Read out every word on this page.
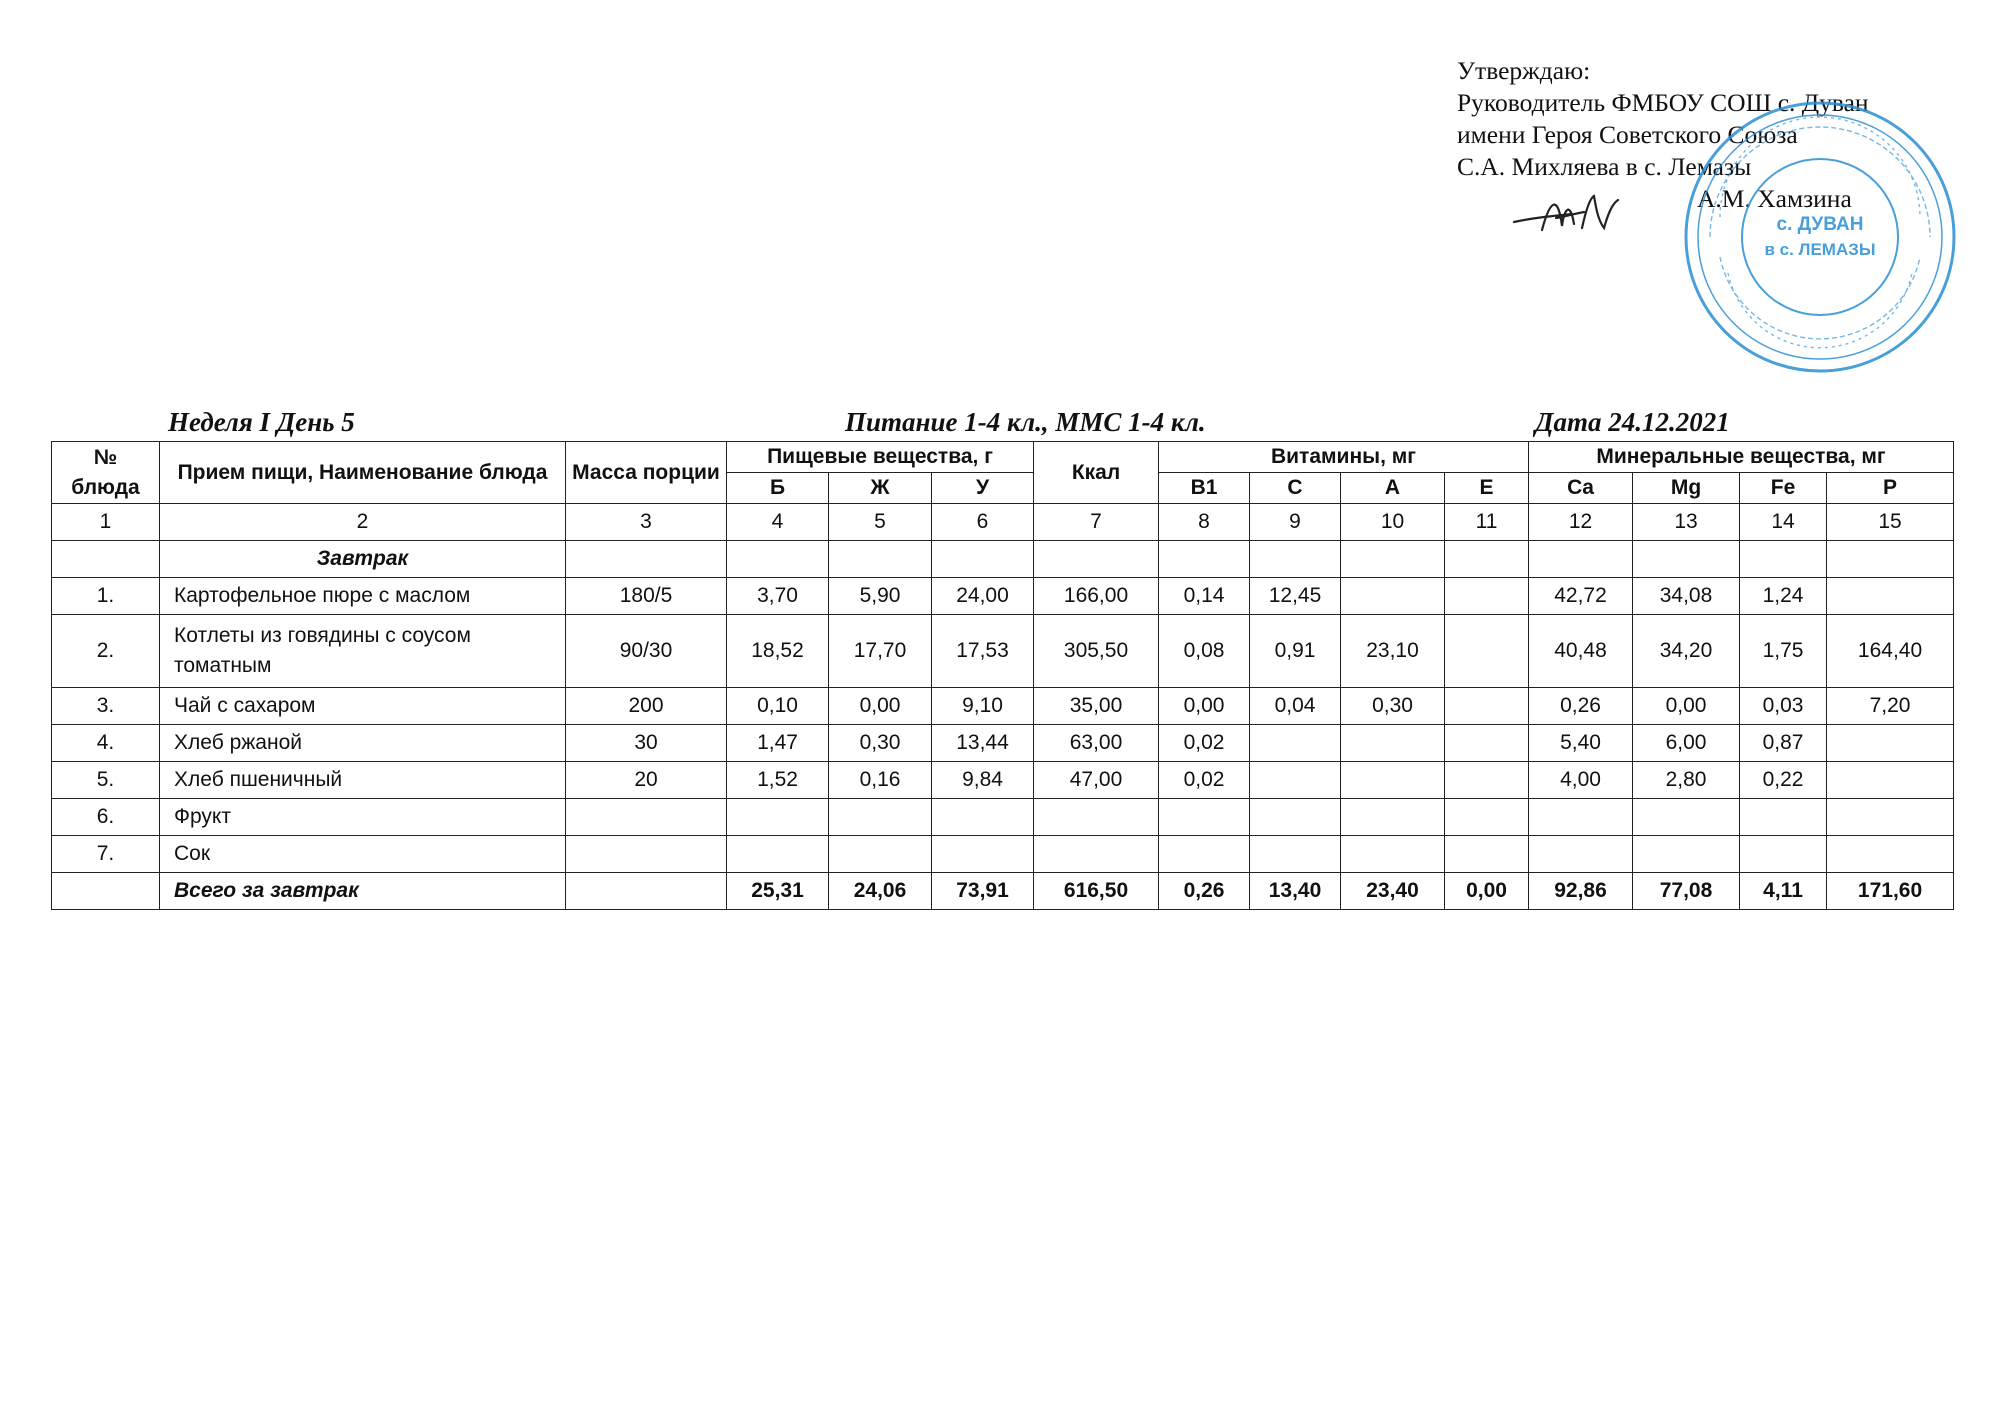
Утверждаю:
Руководитель ФМБОУ СОШ с. Дуван
имени Героя Советского Союза
С.А. Михляева в с. Лемазы
А.М. Хамзина
с. ДУВАН
в с. ЛЕМАЗЫ
Неделя I День 5	Питание 1-4 кл., ММС 1-4 кл.	Дата 24.12.2021
№ блюда	Прием пищи, Наименование блюда	Масса порции	Пищевые вещества, г			Ккал	Витамины, мг				Минеральные вещества, мг			
			Б	Ж	У		В1	С	А	Е	Ca	Mg	Fe	P
1	2	3	4	5	6	7	8	9	10	11	12	13	14	15
	Завтрак													
1.	Картофельное пюре с маслом	180/5	3,70	5,90	24,00	166,00	0,14	12,45			42,72	34,08	1,24	
2.	Котлеты из говядины с соусом томатным	90/30	18,52	17,70	17,53	305,50	0,08	0,91	23,10		40,48	34,20	1,75	164,40
3.	Чай с сахаром	200	0,10	0,00	9,10	35,00	0,00	0,04	0,30		0,26	0,00	0,03	7,20
4.	Хлеб ржаной	30	1,47	0,30	13,44	63,00	0,02				5,40	6,00	0,87	
5.	Хлеб пшеничный	20	1,52	0,16	9,84	47,00	0,02				4,00	2,80	0,22	
6.	Фрукт													
7.	Сок													
	Всего за завтрак		25,31	24,06	73,91	616,50	0,26	13,40	23,40	0,00	92,86	77,08	4,11	171,60
